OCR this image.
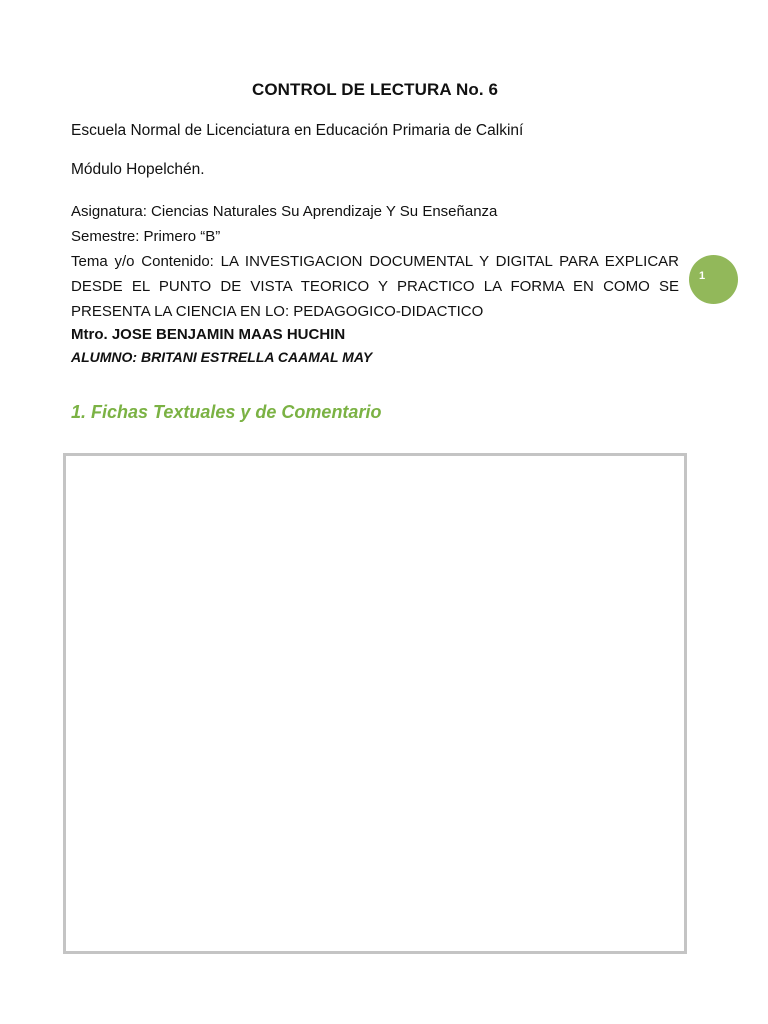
CONTROL DE LECTURA No. 6
Escuela Normal de Licenciatura en Educación Primaria de Calkiní
Módulo Hopelchén.
Asignatura: Ciencias Naturales Su Aprendizaje Y Su Enseñanza
Semestre: Primero “B”
Tema y/o Contenido: LA INVESTIGACION DOCUMENTAL Y DIGITAL PARA EXPLICAR DESDE EL PUNTO DE VISTA TEORICO Y PRACTICO LA FORMA EN COMO SE PRESENTA LA CIENCIA EN LO: PEDAGOGICO-DIDACTICO
Mtro. JOSE BENJAMIN MAAS HUCHIN
ALUMNO: BRITANI ESTRELLA CAAMAL MAY
1. Fichas Textuales y de Comentario
1
